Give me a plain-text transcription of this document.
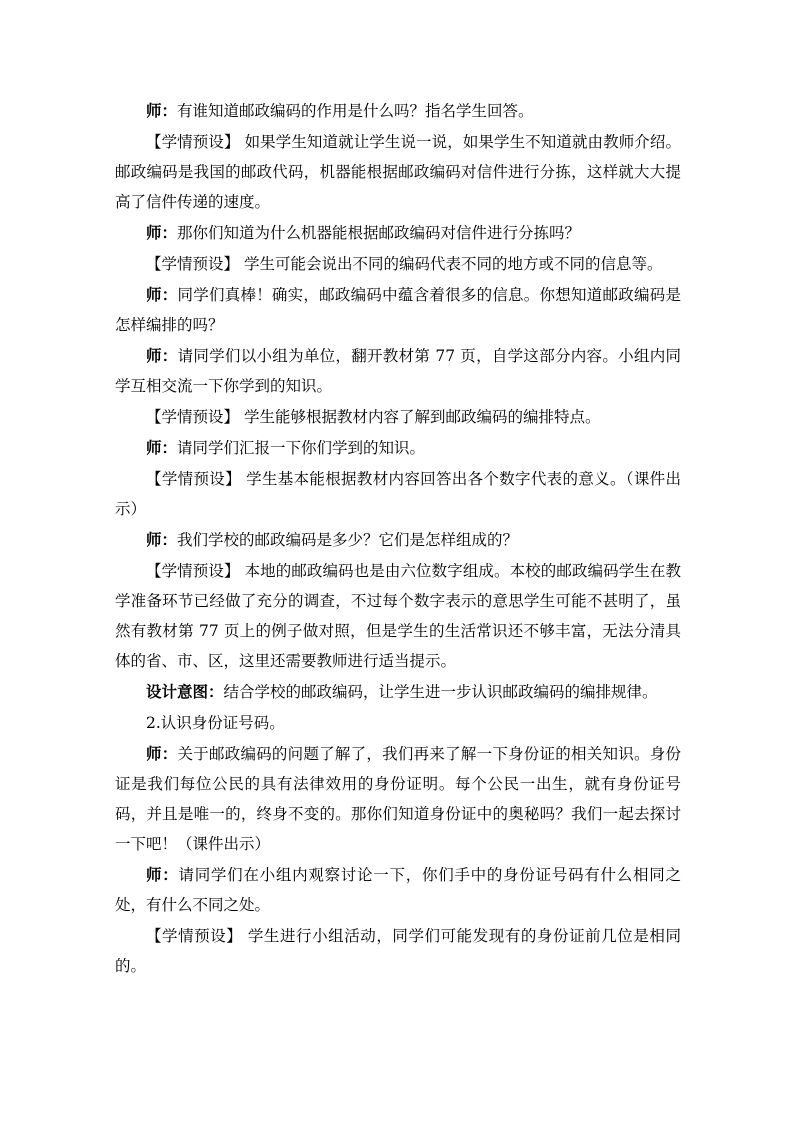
师：有谁知道邮政编码的作用是什么吗？指名学生回答。

【学情预设】 如果学生知道就让学生说一说，如果学生不知道就由教师介绍。邮政编码是我国的邮政代码，机器能根据邮政编码对信件进行分拣，这样就大大提高了信件传递的速度。

师：那你们知道为什么机器能根据邮政编码对信件进行分拣吗？

【学情预设】 学生可能会说出不同的编码代表不同的地方或不同的信息等。

师：同学们真棒！确实，邮政编码中蕴含着很多的信息。你想知道邮政编码是怎样编排的吗？

师：请同学们以小组为单位，翻开教材第 77 页，自学这部分内容。小组内同学互相交流一下你学到的知识。

【学情预设】 学生能够根据教材内容了解到邮政编码的编排特点。

师：请同学们汇报一下你们学到的知识。

【学情预设】 学生基本能根据教材内容回答出各个数字代表的意义。（课件出示）

师：我们学校的邮政编码是多少？它们是怎样组成的？

【学情预设】 本地的邮政编码也是由六位数字组成。本校的邮政编码学生在教学准备环节已经做了充分的调查，不过每个数字表示的意思学生可能不甚明了，虽然有教材第 77 页上的例子做对照，但是学生的生活常识还不够丰富，无法分清具体的省、市、区，这里还需要教师进行适当提示。

设计意图：结合学校的邮政编码，让学生进一步认识邮政编码的编排规律。

2.认识身份证号码。

师：关于邮政编码的问题了解了，我们再来了解一下身份证的相关知识。身份证是我们每位公民的具有法律效用的身份证明。每个公民一出生，就有身份证号码，并且是唯一的，终身不变的。那你们知道身份证中的奥秘吗？我们一起去探讨一下吧！（课件出示）

师：请同学们在小组内观察讨论一下，你们手中的身份证号码有什么相同之处，有什么不同之处。

【学情预设】 学生进行小组活动，同学们可能发现有的身份证前几位是相同的。
